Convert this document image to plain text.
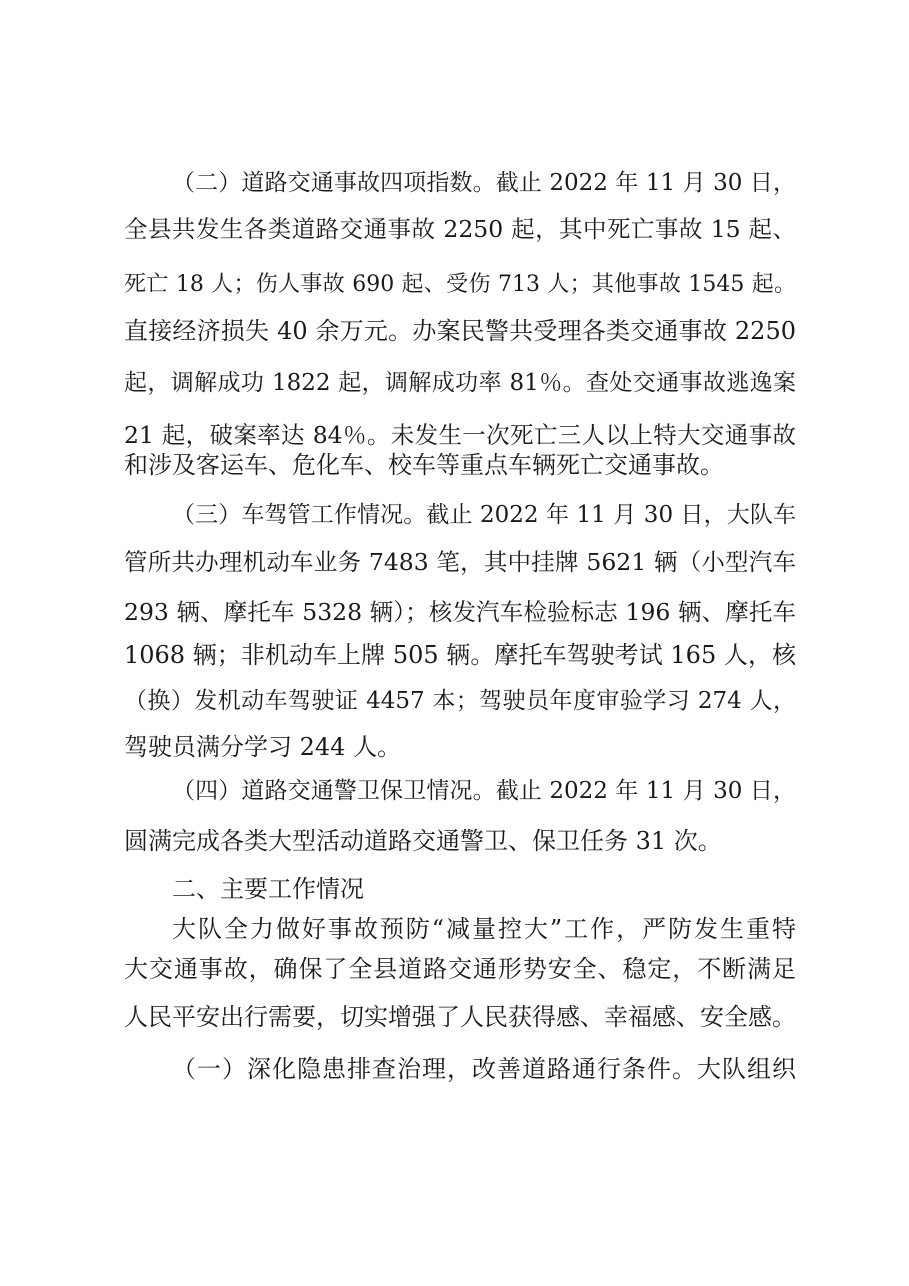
（二）道路交通事故四项指数。截止 2022 年 11 月 30 日，
全县共发生各类道路交通事故 2250 起，其中死亡事故 15 起、
死亡 18 人；伤人事故 690 起、受伤 713 人；其他事故 1545 起。
直接经济损失 40 余万元。办案民警共受理各类交通事故 2250
起，调解成功 1822 起，调解成功率 81％。查处交通事故逃逸案
21 起，破案率达 84％。未发生一次死亡三人以上特大交通事故
和涉及客运车、危化车、校车等重点车辆死亡交通事故。
（三）车驾管工作情况。截止 2022 年 11 月 30 日，大队车
管所共办理机动车业务 7483 笔，其中挂牌 5621 辆（小型汽车
293 辆、摩托车 5328 辆）；核发汽车检验标志 196 辆、摩托车
1068 辆；非机动车上牌 505 辆。摩托车驾驶考试 165 人，核
（换）发机动车驾驶证 4457 本；驾驶员年度审验学习 274 人，
驾驶员满分学习 244 人。
（四）道路交通警卫保卫情况。截止 2022 年 11 月 30 日，
圆满完成各类大型活动道路交通警卫、保卫任务 31 次。
二、主要工作情况
大队全力做好事故预防“减量控大”工作，严防发生重特
大交通事故，确保了全县道路交通形势安全、稳定，不断满足
人民平安出行需要，切实增强了人民获得感、幸福感、安全感。
（一）深化隐患排查治理，改善道路通行条件。大队组织
